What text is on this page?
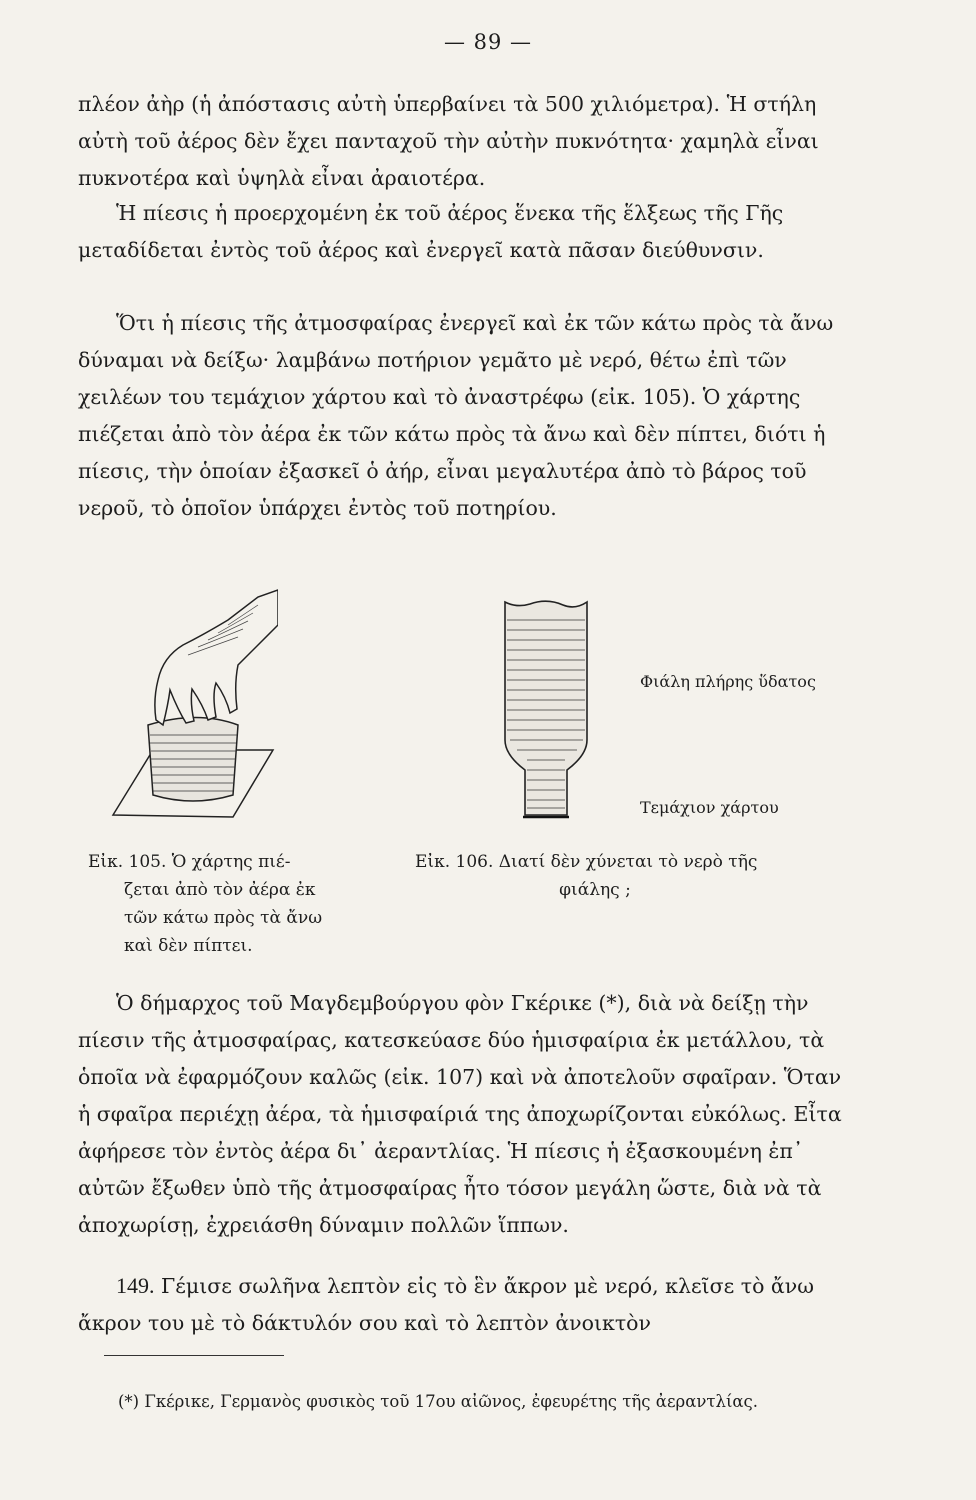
— 89 —

πλέον ἀὴρ (ἡ ἀπόστασις αὐτὴ ὑπερβαίνει τὰ 500 χιλιόμετρα). Ἡ στήλη αὐτὴ τοῦ ἀέρος δὲν ἔχει πανταχοῦ τὴν αὐτὴν πυκνότητα· χαμηλὰ εἶναι πυκνοτέρα καὶ ὑψηλὰ εἶναι ἀραιοτέρα.

Ἡ πίεσις ἡ προερχομένη ἐκ τοῦ ἀέρος ἕνεκα τῆς ἕλξεως τῆς Γῆς μεταδίδεται ἐντὸς τοῦ ἀέρος καὶ ἐνεργεῖ κατὰ πᾶσαν διεύθυνσιν.

Ὅτι ἡ πίεσις τῆς ἀτμοσφαίρας ἐνεργεῖ καὶ ἐκ τῶν κάτω πρὸς τὰ ἄνω δύναμαι νὰ δείξω· λαμβάνω ποτήριον γεμᾶτο μὲ νερό, θέτω ἐπὶ τῶν χειλέων του τεμάχιον χάρτου καὶ τὸ ἀναστρέφω (εἰκ. 105). Ὁ χάρτης πιέζεται ἀπὸ τὸν ἀέρα ἐκ τῶν κάτω πρὸς τὰ ἄνω καὶ δὲν πίπτει, διότι ἡ πίεσις, τὴν ὁποίαν ἐξασκεῖ ὁ ἀήρ, εἶναι μεγαλυτέρα ἀπὸ τὸ βάρος τοῦ νεροῦ, τὸ ὁποῖον ὑπάρχει ἐντὸς τοῦ ποτηρίου.

Φιάλη πλήρης ὕδατος
Τεμάχιον χάρτου
Εἰκ. 105. Ὁ χάρτης πιέ-
ζεται ἀπὸ τὸν ἀέρα ἐκ
τῶν κάτω πρὸς τὰ ἄνω
καὶ δὲν πίπτει.
Εἰκ. 106. Διατί δὲν χύνεται τὸ νερὸ τῆς
φιάλης ;

Ὁ δήμαρχος τοῦ Μαγδεμβούργου φὸν Γκέρικε (*), διὰ νὰ δείξῃ τὴν πίεσιν τῆς ἀτμοσφαίρας, κατεσκεύασε δύο ἡμισφαίρια ἐκ μετάλλου, τὰ ὁποῖα νὰ ἐφαρμόζουν καλῶς (εἰκ. 107) καὶ νὰ ἀποτελοῦν σφαῖραν. Ὅταν ἡ σφαῖρα περιέχῃ ἀέρα, τὰ ἡμισφαίριά της ἀποχωρίζονται εὐκόλως. Εἶτα ἀφήρεσε τὸν ἐντὸς ἀέρα δι᾽ ἀεραντλίας. Ἡ πίεσις ἡ ἐξασκουμένη ἐπ᾽ αὐτῶν ἔξωθεν ὑπὸ τῆς ἀτμοσφαίρας ἦτο τόσον μεγάλη ὥστε, διὰ νὰ τὰ ἀποχωρίσῃ, ἐχρειάσθη δύναμιν πολλῶν ἵππων.

149. Γέμισε σωλῆνα λεπτὸν εἰς τὸ ἓν ἄκρον μὲ νερό, κλεῖσε τὸ ἄνω ἄκρον του μὲ τὸ δάκτυλόν σου καὶ τὸ λεπτὸν ἀνοικτὸν

(*) Γκέρικε, Γερμανὸς φυσικὸς τοῦ 17ου αἰῶνος, ἐφευρέτης τῆς ἀεραντλίας.
